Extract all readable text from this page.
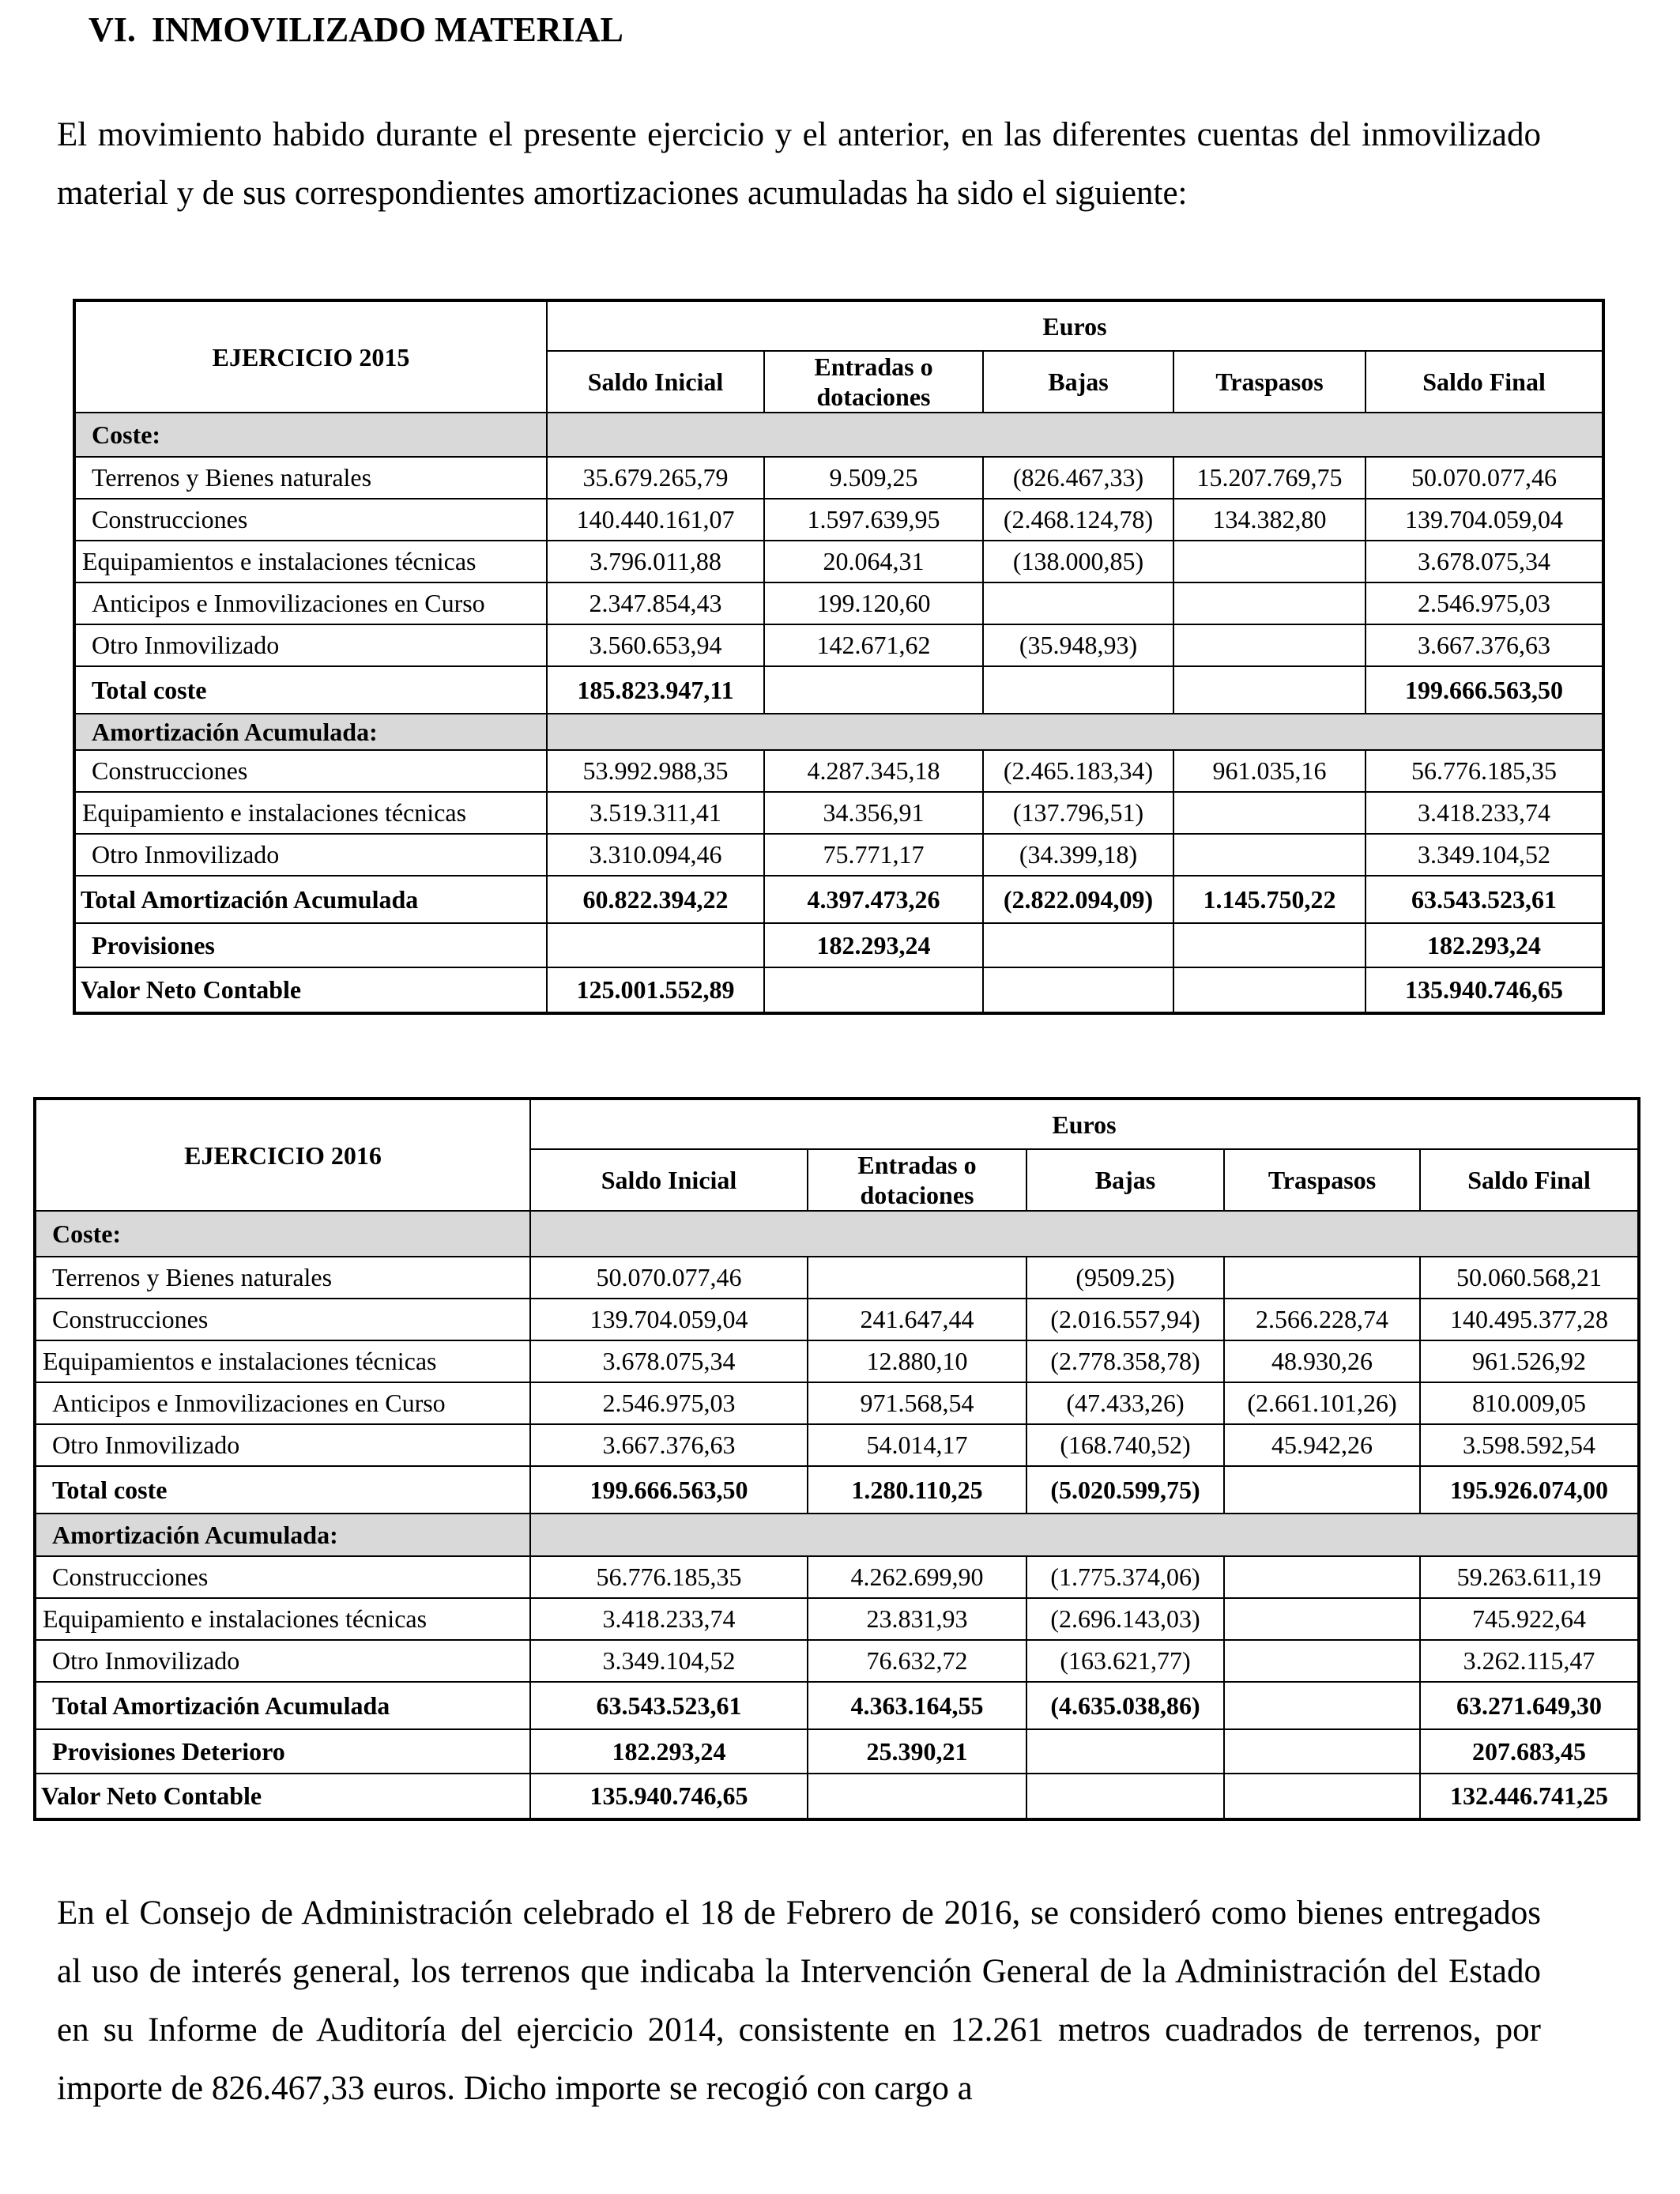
VI. INMOVILIZADO MATERIAL

El movimiento habido durante el presente ejercicio y el anterior, en las diferentes cuentas del inmovilizado material y de sus correspondientes amortizaciones acumuladas ha sido el siguiente:

EJERCICIO 2015	Euros				
	Saldo Inicial	Entradas o
dotaciones	Bajas	Traspasos	Saldo Final
Coste:					
Terrenos y Bienes naturales	35.679.265,79	9.509,25	(826.467,33)	15.207.769,75	50.070.077,46
Construcciones	140.440.161,07	1.597.639,95	(2.468.124,78)	134.382,80	139.704.059,04
Equipamientos e instalaciones técnicas	3.796.011,88	20.064,31	(138.000,85)		3.678.075,34
Anticipos e Inmovilizaciones en Curso	2.347.854,43	199.120,60			2.546.975,03
Otro Inmovilizado	3.560.653,94	142.671,62	(35.948,93)		3.667.376,63
Total coste	185.823.947,11				199.666.563,50
Amortización Acumulada:					
Construcciones	53.992.988,35	4.287.345,18	(2.465.183,34)	961.035,16	56.776.185,35
Equipamiento e instalaciones técnicas	3.519.311,41	34.356,91	(137.796,51)		3.418.233,74
Otro Inmovilizado	3.310.094,46	75.771,17	(34.399,18)		3.349.104,52
Total Amortización Acumulada	60.822.394,22	4.397.473,26	(2.822.094,09)	1.145.750,22	63.543.523,61
Provisiones		182.293,24			182.293,24
Valor Neto Contable	125.001.552,89				135.940.746,65
EJERCICIO 2016	Euros				
	Saldo Inicial	Entradas o
dotaciones	Bajas	Traspasos	Saldo Final
Coste:					
Terrenos y Bienes naturales	50.070.077,46		(9509.25)		50.060.568,21
Construcciones	139.704.059,04	241.647,44	(2.016.557,94)	2.566.228,74	140.495.377,28
Equipamientos e instalaciones técnicas	3.678.075,34	12.880,10	(2.778.358,78)	48.930,26	961.526,92
Anticipos e Inmovilizaciones en Curso	2.546.975,03	971.568,54	(47.433,26)	(2.661.101,26)	810.009,05
Otro Inmovilizado	3.667.376,63	54.014,17	(168.740,52)	45.942,26	3.598.592,54
Total coste	199.666.563,50	1.280.110,25	(5.020.599,75)		195.926.074,00
Amortización Acumulada:					
Construcciones	56.776.185,35	4.262.699,90	(1.775.374,06)		59.263.611,19
Equipamiento e instalaciones técnicas	3.418.233,74	23.831,93	(2.696.143,03)		745.922,64
Otro Inmovilizado	3.349.104,52	76.632,72	(163.621,77)		3.262.115,47
Total Amortización Acumulada	63.543.523,61	4.363.164,55	(4.635.038,86)		63.271.649,30
Provisiones Deterioro	182.293,24	25.390,21			207.683,45
Valor Neto Contable	135.940.746,65				132.446.741,25

En el Consejo de Administración celebrado el 18 de Febrero de 2016, se consideró como bienes entregados al uso de interés general, los terrenos que indicaba la Intervención General de la Administración del Estado en su Informe de Auditoría del ejercicio 2014, consistente en 12.261 metros cuadrados de terrenos, por importe de 826.467,33 euros. Dicho importe se recogió con cargo a
